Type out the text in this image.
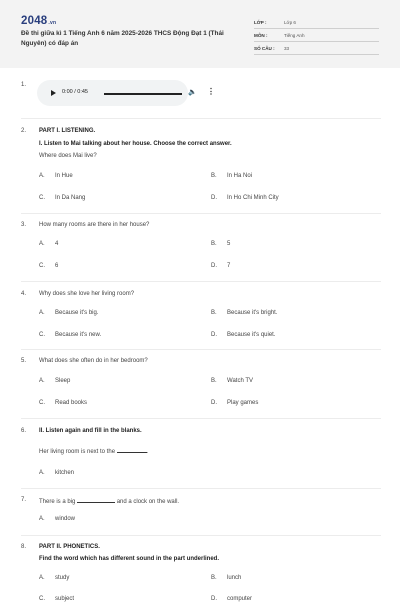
2048.vn
Đề thi giữa kì 1 Tiếng Anh 6 năm 2025-2026 THCS Động Đạt 1 (Thái Nguyên) có đáp án
LỚP :	Lớp 6
MÔN :	Tiếng Anh
SỐ CÂU : 33
1.
0:00 / 0:45	🔈 ⋮
2.	PART I. LISTENING.
I. Listen to Mai talking about her house. Choose the correct answer.
Where does Mai live?
A. In Hue	B. In Ha Noi
C. In Da Nang	D. In Ho Chi Minh City
3.	How many rooms are there in her house?
A. 4	B. 5
C. 6	D. 7
4.	Why does she love her living room?
A. Because it's big.	B. Because it's bright.
C. Because it's new.	D. Because it's quiet.
5.	What does she often do in her bedroom?
A. Sleep	B. Watch TV
C. Read books	D. Play games
6.	II. Listen again and fill in the blanks.
Her living room is next to the	.
A. kitchen
7.	There is a big	and a clock on the wall.
A. window
8.	PART II. PHONETICS.
Find the word which has different sound in the part underlined.
A. study	B. lunch
C. subject	D. computer
